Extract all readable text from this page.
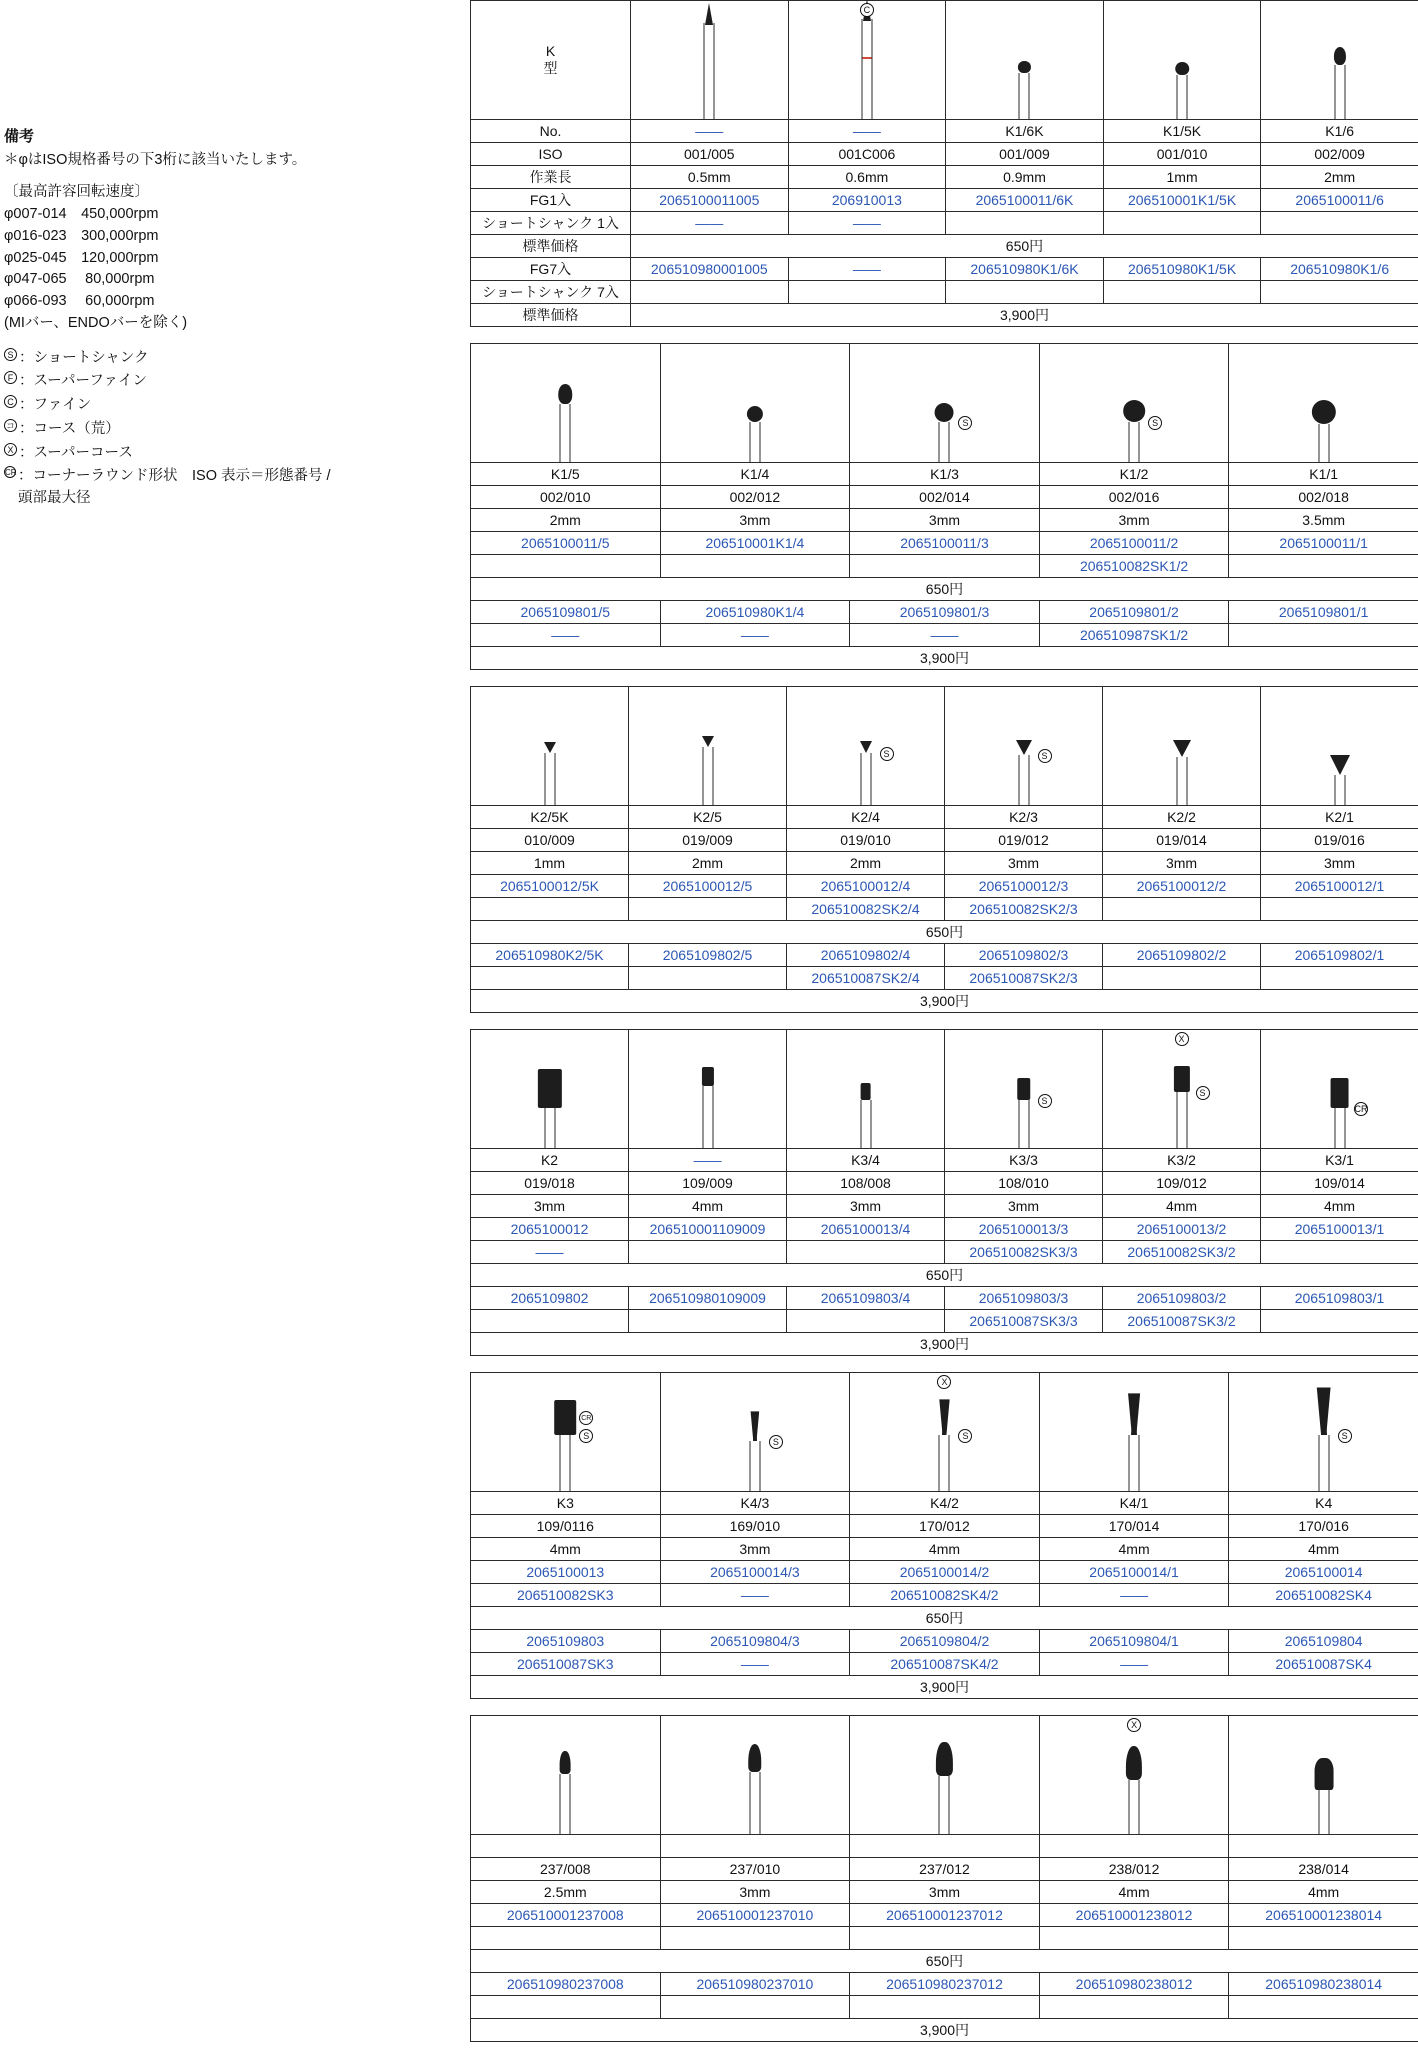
備考
＊φはISO規格番号の下3桁に該当いたします。
〔最高許容回転速度〕
φ007-014　450,000rpm
φ016-023　300,000rpm
φ025-045　120,000rpm
φ047-065　 80,000rpm
φ066-093　 60,000rpm
(MIバー、ENDOバーを除く)
S ：ショートシャンク
F ：スーパーファイン
C ：ファイン
コ ：コース（荒）
X ：スーパーコース
CR ：コーナーラウンド形状　ISO 表示＝形態番号 / 頭部最大径
K
型		C			

No.	——	——	K1/6K	K1/5K	K1/6
ISO	001/005	001C006	001/009	001/010	002/009
作業長	0.5mm	0.6mm	0.9mm	1mm	2mm
FG1入	2065100011005	206910013	2065100011/6K	206510001K1/5K	2065100011/6
ショートシャンク 1入	——	——			
標準価格	650円				
FG7入	206510980001005	——	206510980K1/6K	206510980K1/5K	206510980K1/6
ショートシャンク 7入					
標準価格	3,900円				

		S	S	

K1/5	K1/4	K1/3	K1/2	K1/1
002/010	002/012	002/014	002/016	002/018
2mm	3mm	3mm	3mm	3.5mm
2065100011/5	206510001K1/4	2065100011/3	2065100011/2	2065100011/1
			206510082SK1/2	
650円				
2065109801/5	206510980K1/4	2065109801/3	2065109801/2	2065109801/1
——	——	——	206510987SK1/2	
3,900円				

		S	S		

K2/5K	K2/5	K2/4	K2/3	K2/2	K2/1
010/009	019/009	019/010	019/012	019/014	019/016
1mm	2mm	2mm	3mm	3mm	3mm
2065100012/5K	2065100012/5	2065100012/4	2065100012/3	2065100012/2	2065100012/1
		206510082SK2/4	206510082SK2/3		
650円					
206510980K2/5K	2065109802/5	2065109802/4	2065109802/3	2065109802/2	2065109802/1
		206510087SK2/4	206510087SK2/3		
3,900円					

			S	X
S	CR

K2	——	K3/4	K3/3	K3/2	K3/1
019/018	109/009	108/008	108/010	109/012	109/014
3mm	4mm	3mm	3mm	4mm	4mm
2065100012	206510001109009	2065100013/4	2065100013/3	2065100013/2	2065100013/1
——			206510082SK3/3	206510082SK3/2	
650円					
2065109802	206510980109009	2065109803/4	2065109803/3	2065109803/2	2065109803/1
			206510087SK3/3	206510087SK3/2	
3,900円					
CR
S

S

X
S		S

K3	K4/3	K4/2	K4/1	K4
109/0116	169/010	170/012	170/014	170/016
4mm	3mm	4mm	4mm	4mm
2065100013	2065100014/3	2065100014/2	2065100014/1	2065100014
206510082SK3	——	206510082SK4/2	——	206510082SK4
650円				
2065109803	2065109804/3	2065109804/2	2065109804/1	2065109804
206510087SK3	——	206510087SK4/2	——	206510087SK4
3,900円				

			X	

237/008	237/010	237/012	238/012	238/014
2.5mm	3mm	3mm	4mm	4mm
206510001237008	206510001237010	206510001237012	206510001238012	206510001238014

650円				
206510980237008	206510980237010	206510980237012	206510980238012	206510980238014

3,900円				
